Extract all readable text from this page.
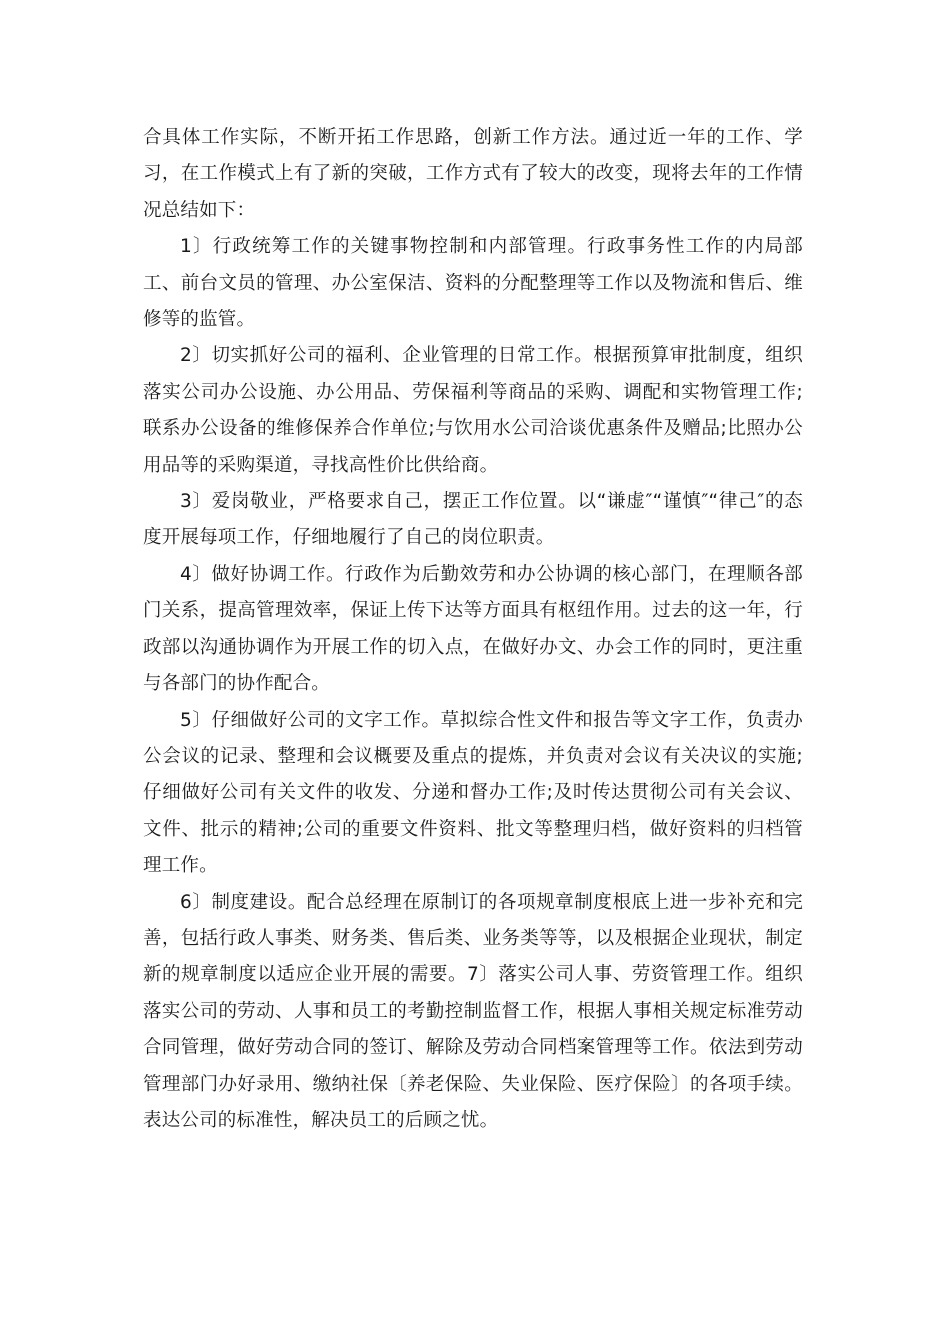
合具体工作实际，不断开拓工作思路，创新工作方法。通过近一年的工作、学习，在工作模式上有了新的突破，工作方式有了较大的改变，现将去年的工作情况总结如下：

1〕行政统筹工作的关键事物控制和内部管理。行政事务性工作的内局部工、前台文员的管理、办公室保洁、资料的分配整理等工作以及物流和售后、维修等的监管。

2〕切实抓好公司的福利、企业管理的日常工作。根据预算审批制度，组织落实公司办公设施、办公用品、劳保福利等商品的采购、调配和实物管理工作;联系办公设备的维修保养合作单位;与饮用水公司洽谈优惠条件及赠品;比照办公用品等的采购渠道，寻找高性价比供给商。

3〕爱岗敬业，严格要求自己，摆正工作位置。以“谦虚″“谨慎″“律己″的态度开展每项工作，仔细地履行了自己的岗位职责。

4〕做好协调工作。行政作为后勤效劳和办公协调的核心部门，在理顺各部门关系，提高管理效率，保证上传下达等方面具有枢纽作用。过去的这一年，行政部以沟通协调作为开展工作的切入点，在做好办文、办会工作的同时，更注重与各部门的协作配合。

5〕仔细做好公司的文字工作。草拟综合性文件和报告等文字工作，负责办公会议的记录、整理和会议概要及重点的提炼，并负责对会议有关决议的实施;仔细做好公司有关文件的收发、分递和督办工作;及时传达贯彻公司有关会议、文件、批示的精神;公司的重要文件资料、批文等整理归档，做好资料的归档管理工作。

6〕制度建设。配合总经理在原制订的各项规章制度根底上进一步补充和完善，包括行政人事类、财务类、售后类、业务类等等，以及根据企业现状，制定新的规章制度以适应企业开展的需要。7〕落实公司人事、劳资管理工作。组织落实公司的劳动、人事和员工的考勤控制监督工作，根据人事相关规定标准劳动合同管理，做好劳动合同的签订、解除及劳动合同档案管理等工作。依法到劳动管理部门办好录用、缴纳社保〔养老保险、失业保险、医疗保险〕的各项手续。表达公司的标准性，解决员工的后顾之忧。
